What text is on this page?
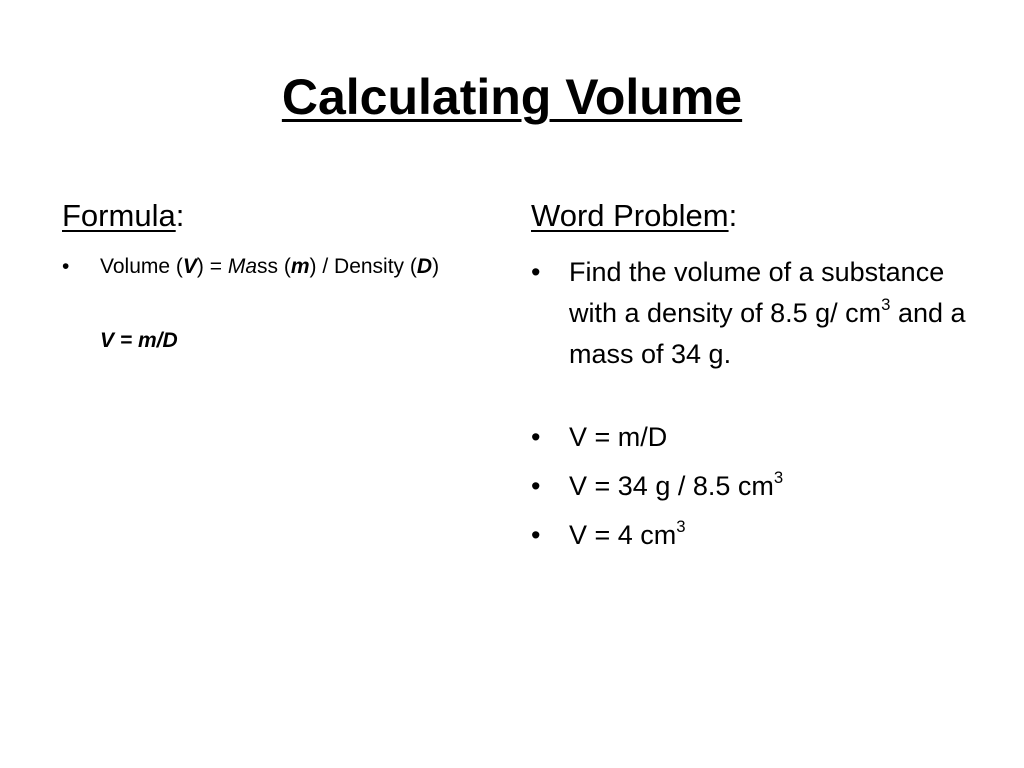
Calculating Volume
Formula:	Word Problem:
•	Volume (V) = Mass (m) / Density (D)
V = m/D
•	Find the volume of a substance with a density of 8.5 g/ $cm^3$ and a mass of 34 g.
•	V = m/D
•	V = 34 g / 8.5 $cm^3$
•	V = 4 $cm^3$
